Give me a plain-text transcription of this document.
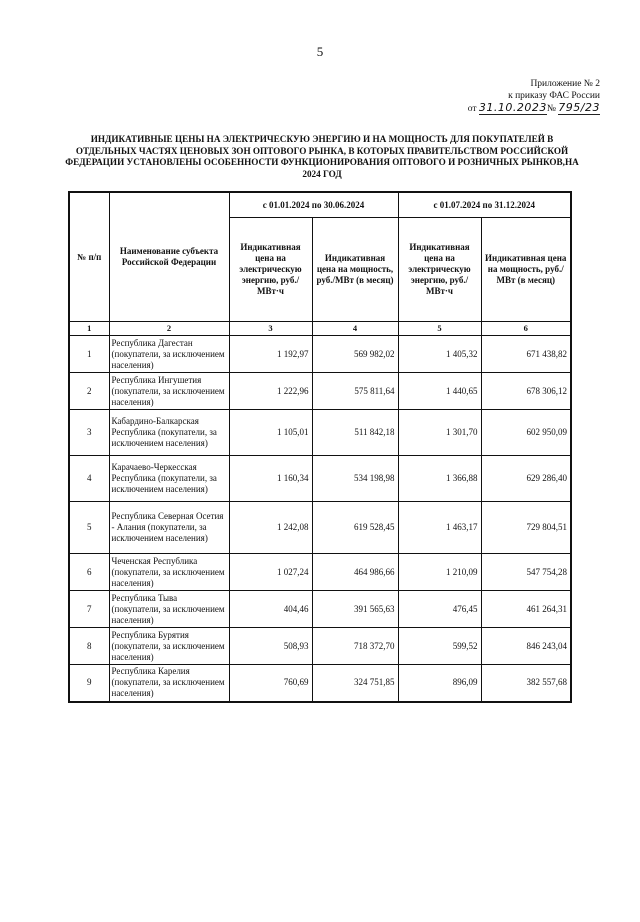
5
Приложение № 2
к приказу ФАС России
от 31.10.2023№ 795/23
ИНДИКАТИВНЫЕ ЦЕНЫ НА ЭЛЕКТРИЧЕСКУЮ ЭНЕРГИЮ И НА МОЩНОСТЬ ДЛЯ ПОКУПАТЕЛЕЙ В ОТДЕЛЬНЫХ ЧАСТЯХ ЦЕНОВЫХ ЗОН ОПТОВОГО РЫНКА, В КОТОРЫХ ПРАВИТЕЛЬСТВОМ РОССИЙСКОЙ ФЕДЕРАЦИИ УСТАНОВЛЕНЫ ОСОБЕННОСТИ ФУНКЦИОНИРОВАНИЯ ОПТОВОГО И РОЗНИЧНЫХ РЫНКОВ,НА 2024 ГОД
№ п/п	Наименование субъекта Российской Федерации	с 01.01.2024 по 30.06.2024		с 01.07.2024 по 31.12.2024	
		Индикативная цена на электрическую энергию, руб./МВт·ч	Индикативная цена на мощность, руб./МВт (в месяц)	Индикативная цена на электрическую энергию, руб./МВт·ч	Индикативная цена на мощность, руб./МВт (в месяц)
1	2	3	4	5	6
1	Республика Дагестан (покупатели, за исключением населения)	1 192,97	569 982,02	1 405,32	671 438,82
2	Республика Ингушетия (покупатели, за исключением населения)	1 222,96	575 811,64	1 440,65	678 306,12
3	Кабардино-Балкарская Республика (покупатели, за исключением населения)	1 105,01	511 842,18	1 301,70	602 950,09
4	Карачаево-Черкесская Республика (покупатели, за исключением населения)	1 160,34	534 198,98	1 366,88	629 286,40
5	Республика Северная Осетия - Алания (покупатели, за исключением населения)	1 242,08	619 528,45	1 463,17	729 804,51
6	Чеченская Республика (покупатели, за исключением населения)	1 027,24	464 986,66	1 210,09	547 754,28
7	Республика Тыва (покупатели, за исключением населения)	404,46	391 565,63	476,45	461 264,31
8	Республика Бурятия (покупатели, за исключением населения)	508,93	718 372,70	599,52	846 243,04
9	Республика Карелия (покупатели, за исключением населения)	760,69	324 751,85	896,09	382 557,68
